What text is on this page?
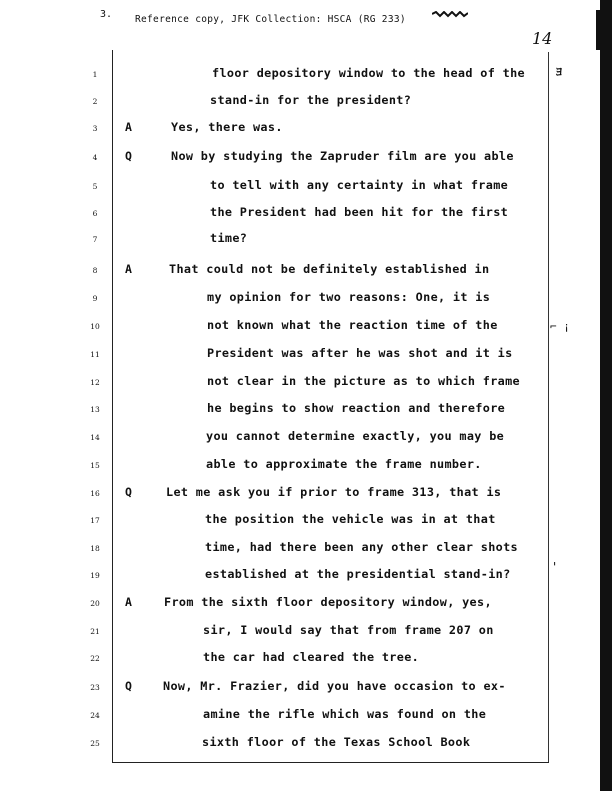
3. Reference copy, JFK Collection: HSCA (RG 233)
14
ﾖ
⌐ ¡
'
1	floor depository window to the head of the
2	stand-in for the president?
3	A	Yes, there was.
4	Q	Now by studying the Zapruder film are you able
5	to tell with any certainty in what frame
6	the President had been hit for the first
7	time?
8	A	That could not be definitely established in
9	my opinion for two reasons: One, it is
10	not known what the reaction time of the
11	President was after he was shot and it is
12	not clear in the picture as to which frame
13	he begins to show reaction and therefore
14	you cannot determine exactly, you may be
15	able to approximate the frame number.
16	Q	Let me ask you if prior to frame 313, that is
17	the position the vehicle was in at that
18	time, had there been any other clear shots
19	established at the presidential stand-in?
20	A	From the sixth floor depository window, yes,
21	sir, I would say that from frame 207 on
22	the car had cleared the tree.
23	Q	Now, Mr. Frazier, did you have occasion to ex-
24	amine the rifle which was found on the
25	sixth floor of the Texas School Book
